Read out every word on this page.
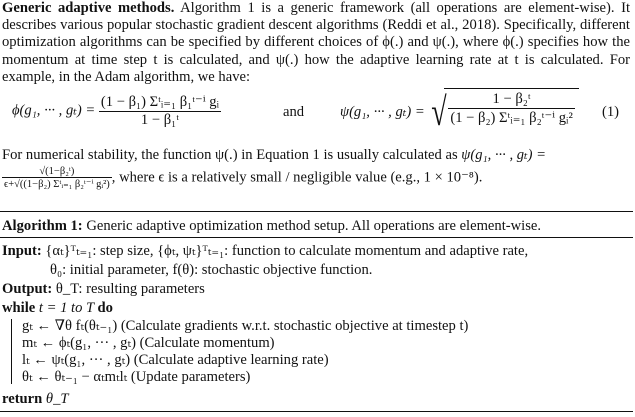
Generic adaptive methods. Algorithm 1 is a generic framework (all operations are element-wise). It describes various popular stochastic gradient descent algorithms (Reddi et al., 2018). Specifically, different optimization algorithms can be specified by different choices of ϕ(.) and ψ(.), where ϕ(.) specifies how the momentum at time step t is calculated, and ψ(.) how the adaptive learning rate at t is calculated. For example, in the Adam algorithm, we have:
ϕ(g₁, ··· , $g_t) = \frac{\text{(1 − β₁) Σᵗᵢ₌₁ β₁ᵗ⁻ⁱ gᵢ}}{\text{1 − β₁ᵗ}}$	and ψ(g₁, ··· , gₜ) = √ $\frac{\text{1 − β₂ᵗ}}{\text{(1 − β₂) Σᵗᵢ₌₁ β₂ᵗ⁻ⁱ gᵢ²}} (1)$
For numerical stability, the function ψ(.) in Equation 1 is usually calculated as ψ(g₁, ··· , gₜ) =
$\frac{\text{√(1−β₂ᵗ)}}{\text{ϵ+√((1−β₂) Σᵗᵢ₌₁ β₂ᵗ⁻ⁱ gᵢ²)}}$ , where ϵ is a relatively small / negligible value (e.g., 1 × 10⁻⁸).
Algorithm 1: Generic adaptive optimization method setup. All operations are element-wise.
Input: {αₜ}ᵀₜ₌₁: step size, {ϕₜ, ψₜ}ᵀₜ₌₁: function to calculate momentum and adaptive rate,
θ₀: initial parameter, f(θ): stochastic objective function.
Output: θ_T: resulting parameters
while t = 1 to T do
gₜ ← ∇θ fₜ(θₜ₋₁) (Calculate gradients w.r.t. stochastic objective at timestep t)
mₜ ← ϕₜ(g₁, ··· , gₜ) (Calculate momentum)
lₜ ← ψₜ(g₁, ··· , gₜ) (Calculate adaptive learning rate)
θₜ ← θₜ₋₁ − αₜmₜlₜ (Update parameters)
return θ_T
